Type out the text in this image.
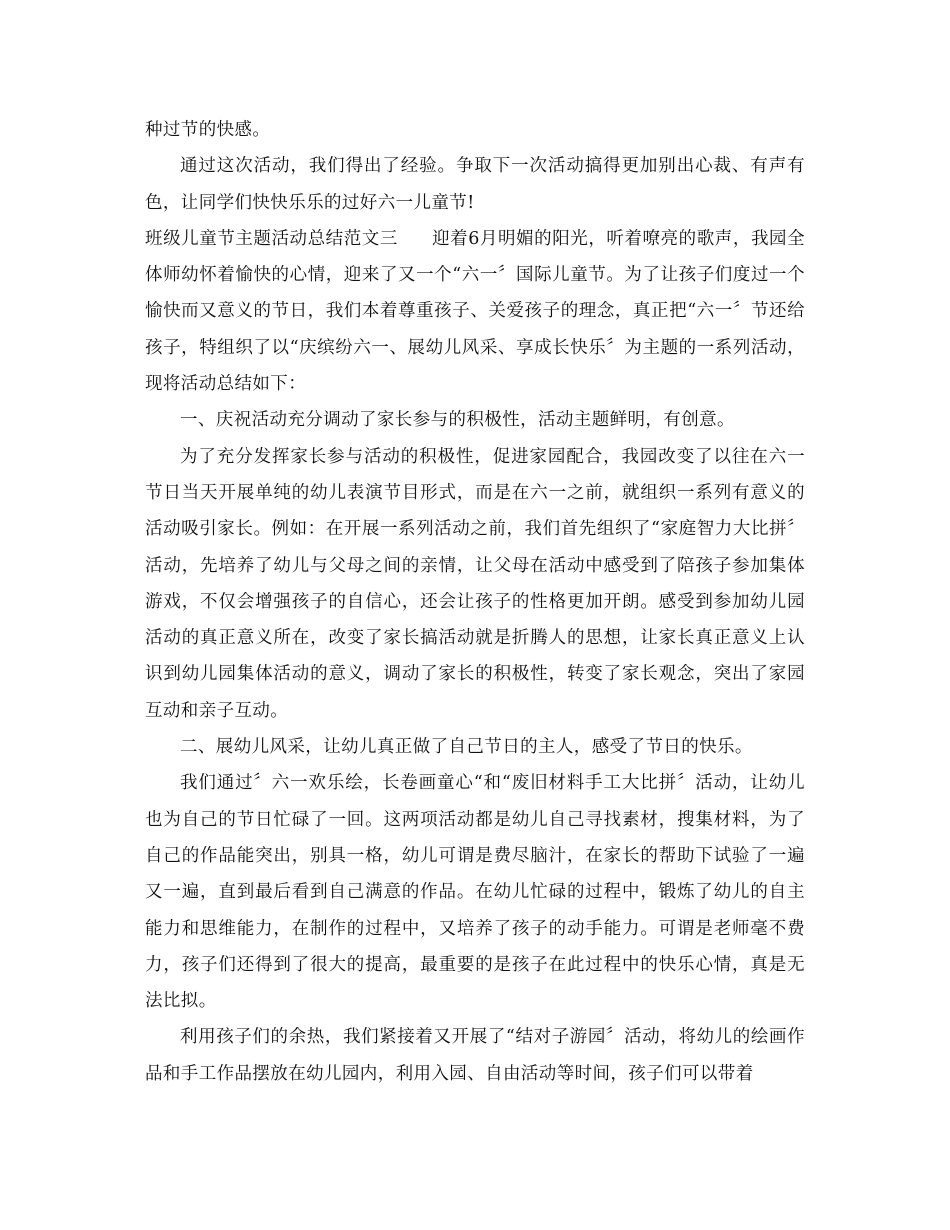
种过节的快感。

通过这次活动，我们得出了经验。争取下一次活动搞得更加别出心裁、有声有色，让同学们快快乐乐的过好六一儿童节!

班级儿童节主题活动总结范文三 迎着6月明媚的阳光，听着嘹亮的歌声，我园全体师幼怀着愉快的心情，迎来了又一个“六一〞国际儿童节。为了让孩子们度过一个愉快而又意义的节日，我们本着尊重孩子、关爱孩子的理念，真正把“六一〞节还给孩子，特组织了以“庆缤纷六一、展幼儿风采、享成长快乐〞为主题的一系列活动，现将活动总结如下：

一、庆祝活动充分调动了家长参与的积极性，活动主题鲜明，有创意。

为了充分发挥家长参与活动的积极性，促进家园配合，我园改变了以往在六一节日当天开展单纯的幼儿表演节目形式，而是在六一之前，就组织一系列有意义的活动吸引家长。例如：在开展一系列活动之前，我们首先组织了“家庭智力大比拼〞活动，先培养了幼儿与父母之间的亲情，让父母在活动中感受到了陪孩子参加集体游戏，不仅会增强孩子的自信心，还会让孩子的性格更加开朗。感受到参加幼儿园活动的真正意义所在，改变了家长搞活动就是折腾人的思想，让家长真正意义上认识到幼儿园集体活动的意义，调动了家长的积极性，转变了家长观念，突出了家园互动和亲子互动。

二、展幼儿风采，让幼儿真正做了自己节日的主人，感受了节日的快乐。

我们通过〞六一欢乐绘，长卷画童心“和“废旧材料手工大比拼〞活动，让幼儿也为自己的节日忙碌了一回。这两项活动都是幼儿自己寻找素材，搜集材料，为了自己的作品能突出，别具一格，幼儿可谓是费尽脑汁，在家长的帮助下试验了一遍又一遍，直到最后看到自己满意的作品。在幼儿忙碌的过程中，锻炼了幼儿的自主能力和思维能力，在制作的过程中，又培养了孩子的动手能力。可谓是老师毫不费力，孩子们还得到了很大的提高，最重要的是孩子在此过程中的快乐心情，真是无法比拟。

利用孩子们的余热，我们紧接着又开展了“结对子游园〞活动，将幼儿的绘画作品和手工作品摆放在幼儿园内，利用入园、自由活动等时间，孩子们可以带着
